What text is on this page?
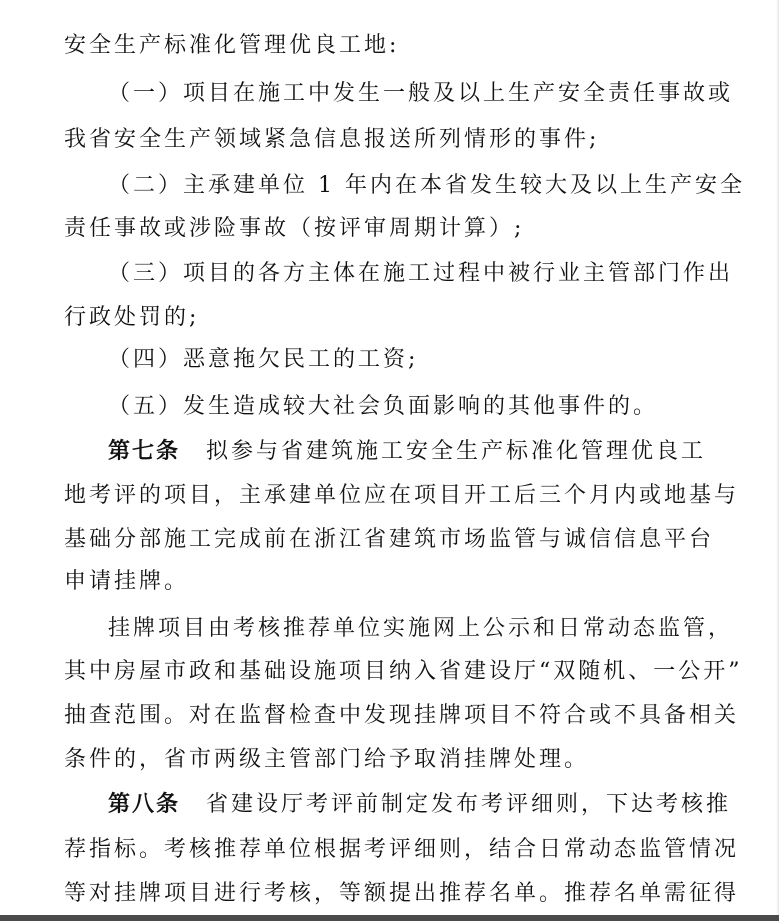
安全生产标准化管理优良工地:
（一）项目在施工中发生一般及以上生产安全责任事故或
我省安全生产领域紧急信息报送所列情形的事件;
（二）主承建单位 1 年内在本省发生较大及以上生产安全
责任事故或涉险事故（按评审周期计算）;
（三）项目的各方主体在施工过程中被行业主管部门作出
行政处罚的;
（四）恶意拖欠民工的工资;
（五）发生造成较大社会负面影响的其他事件的。
第七条 拟参与省建筑施工安全生产标准化管理优良工
地考评的项目，主承建单位应在项目开工后三个月内或地基与
基础分部施工完成前在浙江省建筑市场监管与诚信信息平台
申请挂牌。
挂牌项目由考核推荐单位实施网上公示和日常动态监管，
其中房屋市政和基础设施项目纳入省建设厅“双随机、一公开”
抽查范围。对在监督检查中发现挂牌项目不符合或不具备相关
条件的，省市两级主管部门给予取消挂牌处理。
第八条 省建设厅考评前制定发布考评细则，下达考核推
荐指标。考核推荐单位根据考评细则，结合日常动态监管情况
等对挂牌项目进行考核，等额提出推荐名单。推荐名单需征得
